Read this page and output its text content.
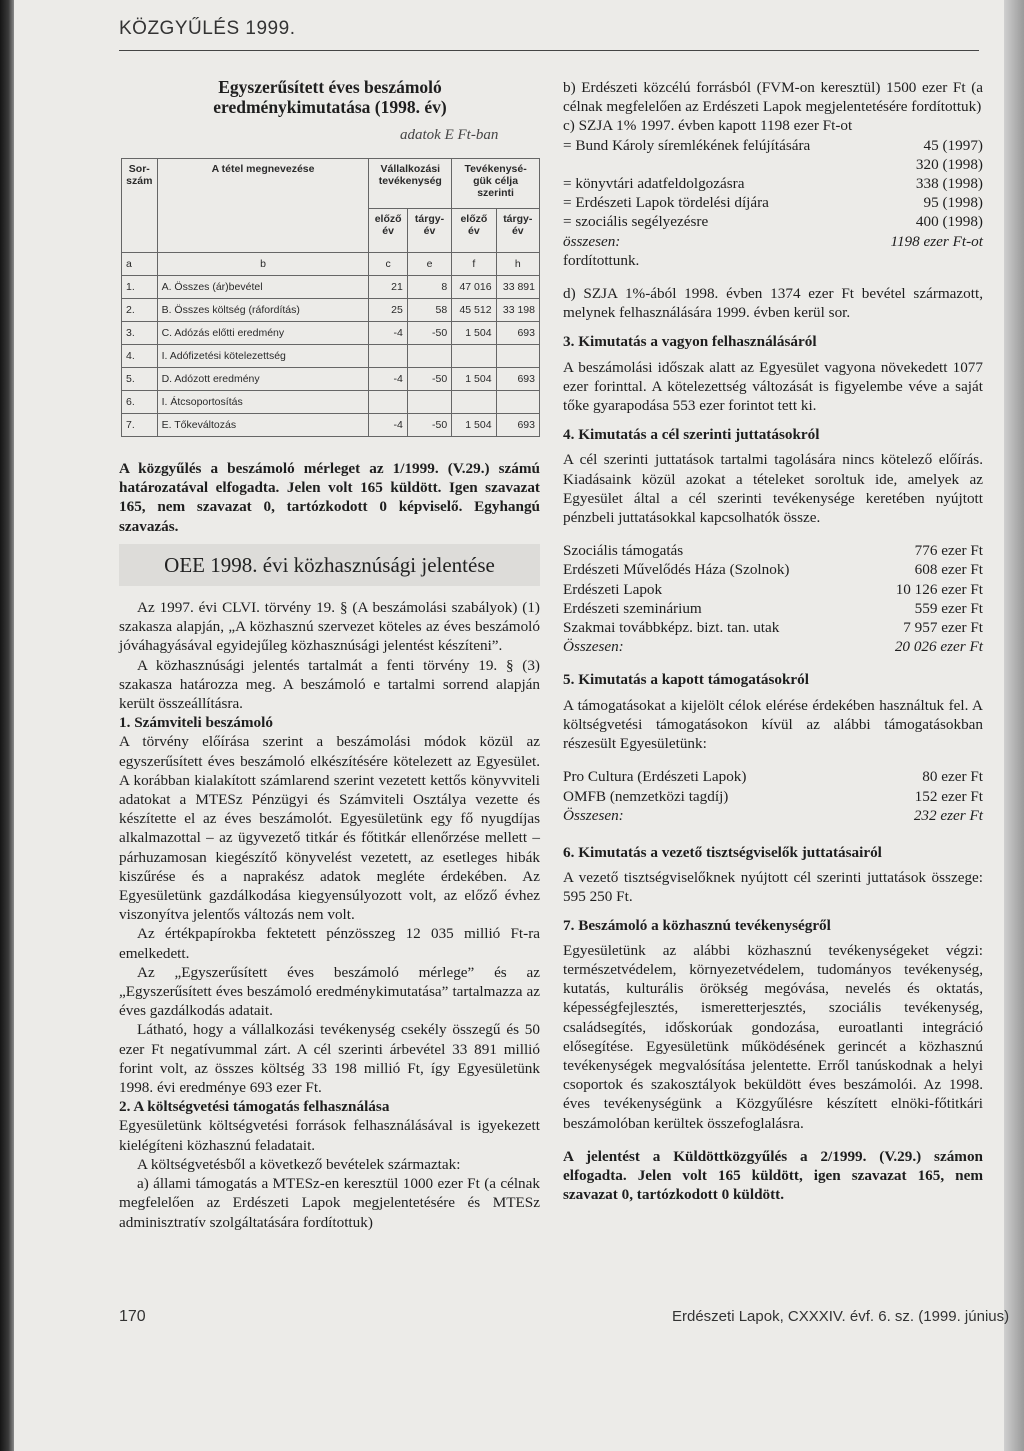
KÖZGYŰLÉS 1999.
Egyszerűsített éves beszámoló
eredménykimutatása (1998. év)
adatok E Ft-ban
Sor-szám	A tétel megnevezése	Vállalkozási tevékenység		Tevékenysé-gük célja szerinti	
		előző év	tárgy-év	előző év	tárgy-év
a	b	c	e	f	h
1.	A. Összes (ár)bevétel	21	8	47 016	33 891
2.	B. Összes költség (ráfordítás)	25	58	45 512	33 198
3.	C. Adózás előtti eredmény	-4	-50	1 504	693
4.	I. Adófizetési kötelezettség				
5.	D. Adózott eredmény	-4	-50	1 504	693
6.	I. Átcsoportosítás				
7.	E. Tőkeváltozás	-4	-50	1 504	693
A közgyűlés a beszámoló mérleget az 1/1999. (V.29.) számú határozatával elfogadta. Jelen volt 165 küldött. Igen szavazat 165, nem szavazat 0, tartózkodott 0 képviselő. Egyhangú szavazás.
OEE 1998. évi közhasznúsági jelentése

Az 1997. évi CLVI. törvény 19. § (A beszámolási szabályok) (1) szakasza alapján, „A közhasznú szervezet köteles az éves beszámoló jóváhagyásával egyidejűleg közhasznúsági jelentést készíteni”.

A közhasznúsági jelentés tartalmát a fenti törvény 19. § (3) szakasza határozza meg. A beszámoló e tartalmi sorrend alapján került összeállításra.

1. Számviteli beszámoló

A törvény előírása szerint a beszámolási módok közül az egyszerűsített éves beszámoló elkészítésére kötelezett az Egyesület. A korábban kialakított számlarend szerint vezetett kettős könyvviteli adatokat a MTESz Pénzügyi és Számviteli Osztálya vezette és készítette el az éves beszámolót. Egyesületünk egy fő nyugdíjas alkalmazottal – az ügyvezető titkár és főtitkár ellenőrzése mellett – párhuzamosan kiegészítő könyvelést vezetett, az esetleges hibák kiszűrése és a naprakész adatok megléte érdekében. Az Egyesületünk gazdálkodása kiegyensúlyozott volt, az előző évhez viszonyítva jelentős változás nem volt.

Az értékpapírokba fektetett pénzösszeg 12 035 millió Ft-ra emelkedett.

Az „Egyszerűsített éves beszámoló mérlege” és az „Egyszerűsített éves beszámoló eredménykimutatása” tartalmazza az éves gazdálkodás adatait.

Látható, hogy a vállalkozási tevékenység csekély összegű és 50 ezer Ft negatívummal zárt. A cél szerinti árbevétel 33 891 millió forint volt, az összes költség 33 198 millió Ft, így Egyesületünk 1998. évi eredménye 693 ezer Ft.

2. A költségvetési támogatás felhasználása

Egyesületünk költségvetési források felhasználásával is igyekezett kielégíteni közhasznú feladatait.

A költségvetésből a következő bevételek származtak:

a) állami támogatás a MTESz-en keresztül 1000 ezer Ft (a célnak megfelelően az Erdészeti Lapok megjelentetésére és MTESz adminisztratív szolgáltatására fordítottuk)

b) Erdészeti közcélú forrásból (FVM-on keresztül) 1500 ezer Ft (a célnak megfelelően az Erdészeti Lapok megjelentetésére fordítottuk)

c) SZJA 1% 1997. évben kapott 1198 ezer Ft-ot

= Bund Károly síremlékének felújítására	45 (1997)
320 (1998)
= könyvtári adatfeldolgozásra	338 (1998)
= Erdészeti Lapok tördelési díjára	95 (1998)
= szociális segélyezésre	400 (1998)
összesen:	1198 ezer Ft-ot

fordítottunk.

d) SZJA 1%-ából 1998. évben 1374 ezer Ft bevétel származott, melynek felhasználására 1999. évben kerül sor.

3. Kimutatás a vagyon felhasználásáról

A beszámolási időszak alatt az Egyesület vagyona növekedett 1077 ezer forinttal. A kötelezettség változását is figyelembe véve a saját tőke gyarapodása 553 ezer forintot tett ki.

4. Kimutatás a cél szerinti juttatásokról

A cél szerinti juttatások tartalmi tagolására nincs kötelező előírás. Kiadásaink közül azokat a tételeket soroltuk ide, amelyek az Egyesület által a cél szerinti tevékenysége keretében nyújtott pénzbeli juttatásokkal kapcsolhatók össze.

Szociális támogatás	776 ezer Ft
Erdészeti Művelődés Háza (Szolnok)	608 ezer Ft
Erdészeti Lapok	10 126 ezer Ft
Erdészeti szeminárium	559 ezer Ft
Szakmai továbbképz. bizt. tan. utak	7 957 ezer Ft
Összesen:	20 026 ezer Ft

5. Kimutatás a kapott támogatásokról

A támogatásokat a kijelölt célok elérése érdekében használtuk fel. A költségvetési támogatásokon kívül az alábbi támogatásokban részesült Egyesületünk:

Pro Cultura (Erdészeti Lapok)	80 ezer Ft
OMFB (nemzetközi tagdíj)	152 ezer Ft
Összesen:	232 ezer Ft

6. Kimutatás a vezető tisztségviselők juttatásairól

A vezető tisztségviselőknek nyújtott cél szerinti juttatások összege: 595 250 Ft.

7. Beszámoló a közhasznú tevékenységről

Egyesületünk az alábbi közhasznú tevékenységeket végzi: természetvédelem, környezetvédelem, tudományos tevékenység, kutatás, kulturális örökség megóvása, nevelés és oktatás, képességfejlesztés, ismeretterjesztés, szociális tevékenység, családsegítés, időskorúak gondozása, euroatlanti integráció elősegítése. Egyesületünk működésének gerincét a közhasznú tevékenységek megvalósítása jelentette. Erről tanúskodnak a helyi csoportok és szakosztályok beküldött éves beszámolói. Az 1998. éves tevékenységünk a Közgyűlésre készített elnöki-főtitkári beszámolóban kerültek összefoglalásra.

A jelentést a Küldöttközgyűlés a 2/1999. (V.29.) számon elfogadta. Jelen volt 165 küldött, igen szavazat 165, nem szavazat 0, tartózkodott 0 küldött.

170	Erdészeti Lapok, CXXXIV. évf. 6. sz. (1999. június)
